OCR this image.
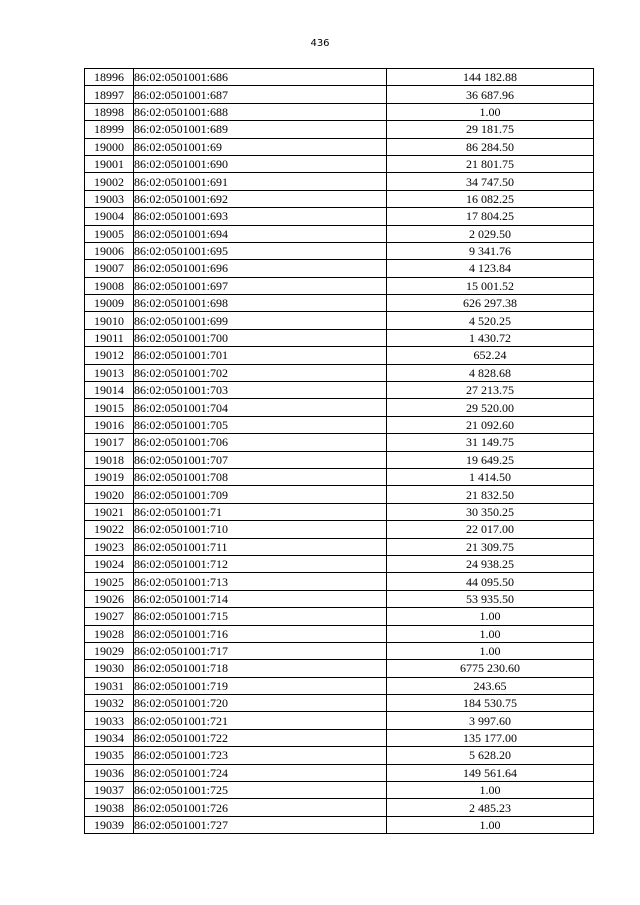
436
18996	86:02:0501001:686	144 182.88
18997	86:02:0501001:687	36 687.96
18998	86:02:0501001:688	1.00
18999	86:02:0501001:689	29 181.75
19000	86:02:0501001:69	86 284.50
19001	86:02:0501001:690	21 801.75
19002	86:02:0501001:691	34 747.50
19003	86:02:0501001:692	16 082.25
19004	86:02:0501001:693	17 804.25
19005	86:02:0501001:694	2 029.50
19006	86:02:0501001:695	9 341.76
19007	86:02:0501001:696	4 123.84
19008	86:02:0501001:697	15 001.52
19009	86:02:0501001:698	626 297.38
19010	86:02:0501001:699	4 520.25
19011	86:02:0501001:700	1 430.72
19012	86:02:0501001:701	652.24
19013	86:02:0501001:702	4 828.68
19014	86:02:0501001:703	27 213.75
19015	86:02:0501001:704	29 520.00
19016	86:02:0501001:705	21 092.60
19017	86:02:0501001:706	31 149.75
19018	86:02:0501001:707	19 649.25
19019	86:02:0501001:708	1 414.50
19020	86:02:0501001:709	21 832.50
19021	86:02:0501001:71	30 350.25
19022	86:02:0501001:710	22 017.00
19023	86:02:0501001:711	21 309.75
19024	86:02:0501001:712	24 938.25
19025	86:02:0501001:713	44 095.50
19026	86:02:0501001:714	53 935.50
19027	86:02:0501001:715	1.00
19028	86:02:0501001:716	1.00
19029	86:02:0501001:717	1.00
19030	86:02:0501001:718	6775 230.60
19031	86:02:0501001:719	243.65
19032	86:02:0501001:720	184 530.75
19033	86:02:0501001:721	3 997.60
19034	86:02:0501001:722	135 177.00
19035	86:02:0501001:723	5 628.20
19036	86:02:0501001:724	149 561.64
19037	86:02:0501001:725	1.00
19038	86:02:0501001:726	2 485.23
19039	86:02:0501001:727	1.00
